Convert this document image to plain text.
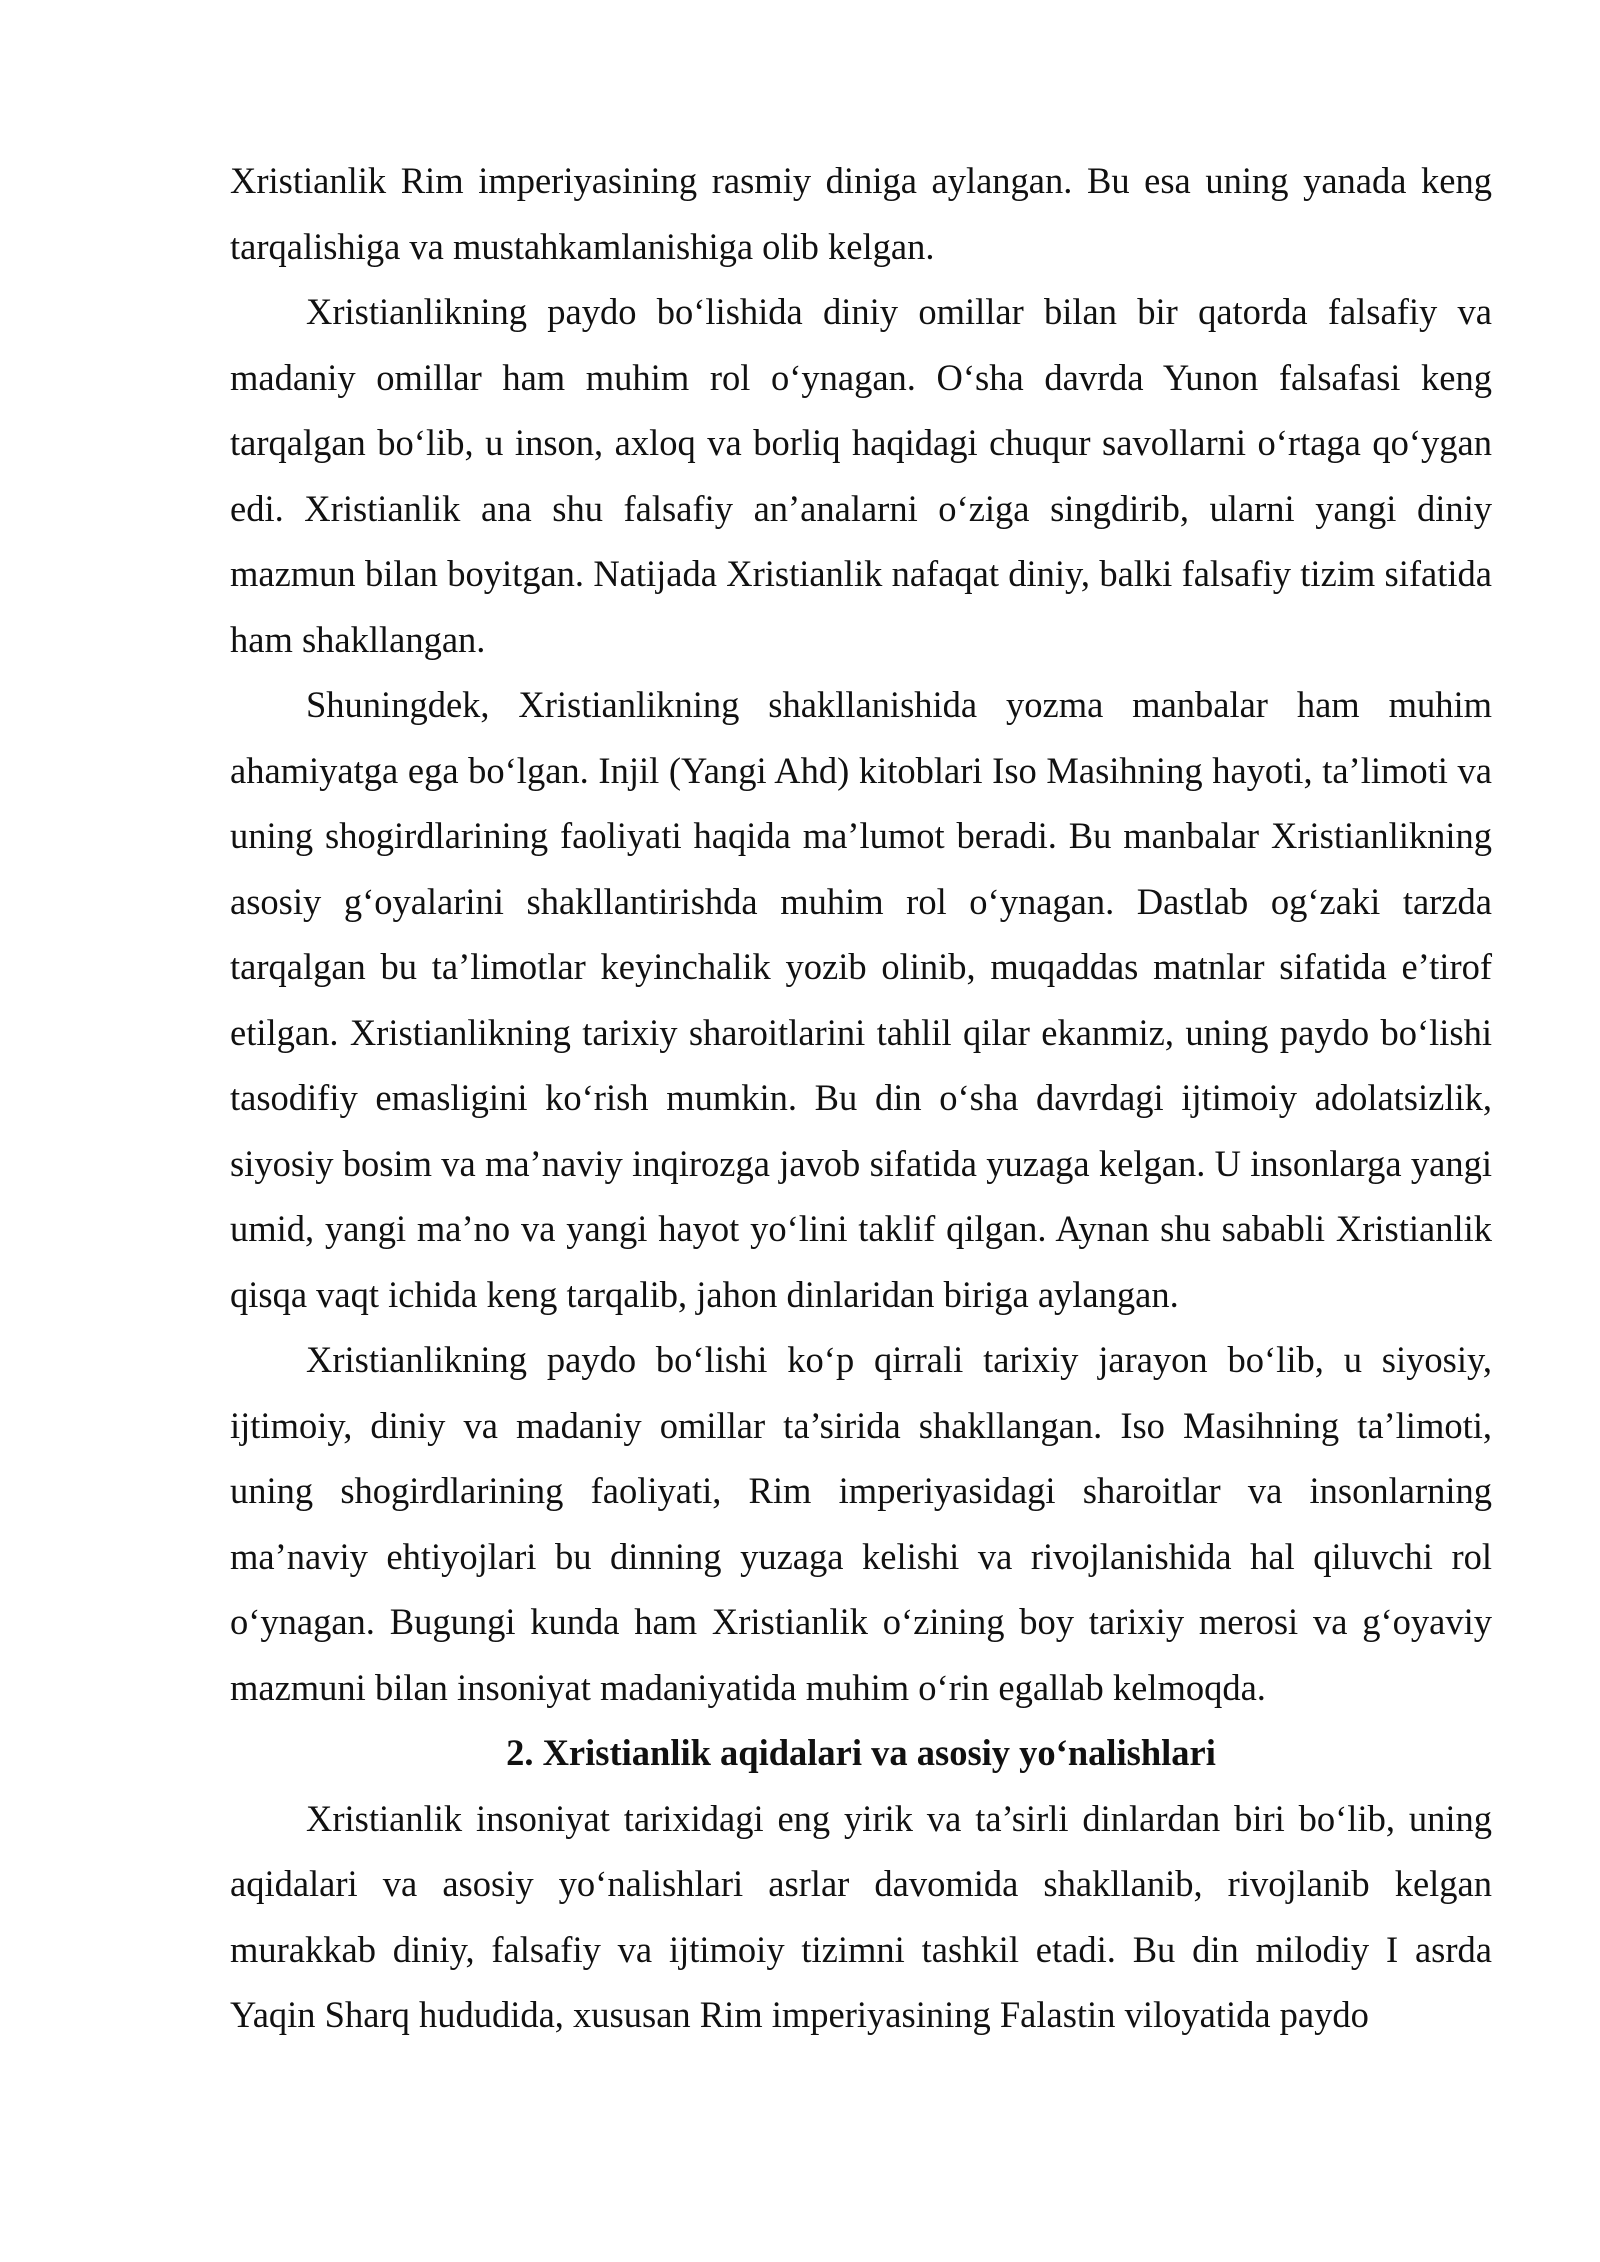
Xristianlik Rim imperiyasining rasmiy diniga aylangan. Bu esa uning yanada keng tarqalishiga va mustahkamlanishiga olib kelgan.

Xristianlikning paydo bo‘lishida diniy omillar bilan bir qatorda falsafiy va madaniy omillar ham muhim rol o‘ynagan. O‘sha davrda Yunon falsafasi keng tarqalgan bo‘lib, u inson, axloq va borliq haqidagi chuqur savollarni o‘rtaga qo‘ygan edi. Xristianlik ana shu falsafiy an’analarni o‘ziga singdirib, ularni yangi diniy mazmun bilan boyitgan. Natijada Xristianlik nafaqat diniy, balki falsafiy tizim sifatida ham shakllangan.

Shuningdek, Xristianlikning shakllanishida yozma manbalar ham muhim ahamiyatga ega bo‘lgan. Injil (Yangi Ahd) kitoblari Iso Masihning hayoti, ta’limoti va uning shogirdlarining faoliyati haqida ma’lumot beradi. Bu manbalar Xristianlikning asosiy g‘oyalarini shakllantirishda muhim rol o‘ynagan. Dastlab og‘zaki tarzda tarqalgan bu ta’limotlar keyinchalik yozib olinib, muqaddas matnlar sifatida e’tirof etilgan. Xristianlikning tarixiy sharoitlarini tahlil qilar ekanmiz, uning paydo bo‘lishi tasodifiy emasligini ko‘rish mumkin. Bu din o‘sha davrdagi ijtimoiy adolatsizlik, siyosiy bosim va ma’naviy inqirozga javob sifatida yuzaga kelgan. U insonlarga yangi umid, yangi ma’no va yangi hayot yo‘lini taklif qilgan. Aynan shu sababli Xristianlik qisqa vaqt ichida keng tarqalib, jahon dinlaridan biriga aylangan.

Xristianlikning paydo bo‘lishi ko‘p qirrali tarixiy jarayon bo‘lib, u siyosiy, ijtimoiy, diniy va madaniy omillar ta’sirida shakllangan. Iso Masihning ta’limoti, uning shogirdlarining faoliyati, Rim imperiyasidagi sharoitlar va insonlarning ma’naviy ehtiyojlari bu dinning yuzaga kelishi va rivojlanishida hal qiluvchi rol o‘ynagan. Bugungi kunda ham Xristianlik o‘zining boy tarixiy merosi va g‘oyaviy mazmuni bilan insoniyat madaniyatida muhim o‘rin egallab kelmoqda.

2. Xristianlik aqidalari va asosiy yo‘nalishlari

Xristianlik insoniyat tarixidagi eng yirik va ta’sirli dinlardan biri bo‘lib, uning aqidalari va asosiy yo‘nalishlari asrlar davomida shakllanib, rivojlanib kelgan murakkab diniy, falsafiy va ijtimoiy tizimni tashkil etadi. Bu din milodiy I asrda Yaqin Sharq hududida, xususan Rim imperiyasining Falastin viloyatida paydo
